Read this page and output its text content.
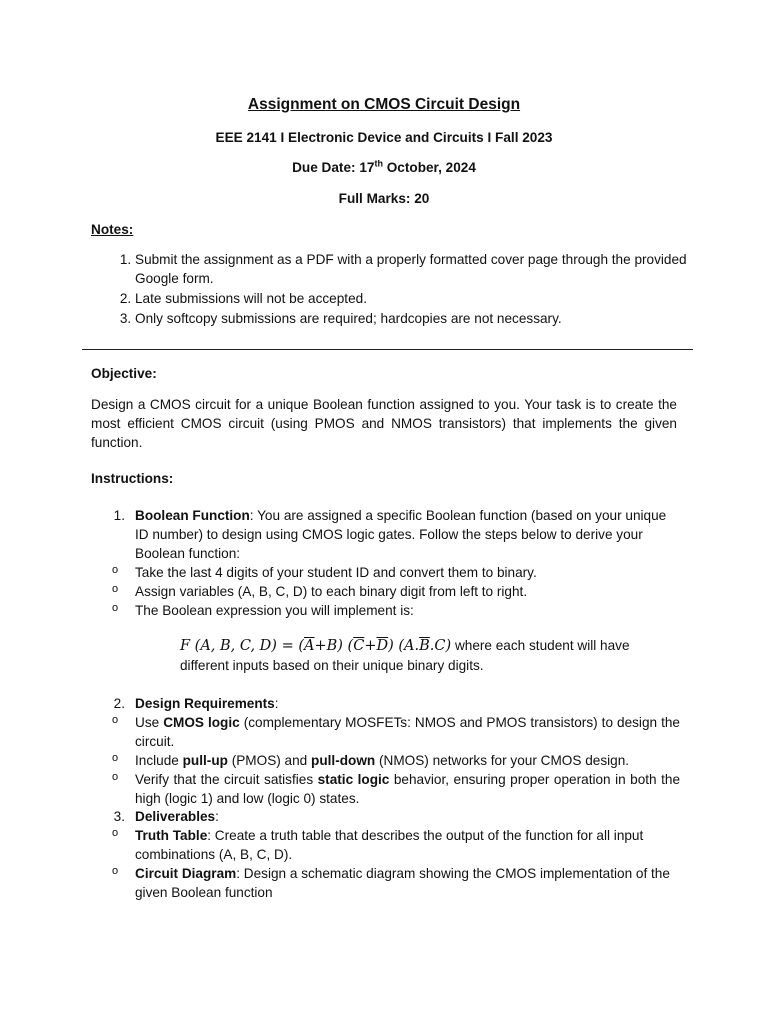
Assignment on CMOS Circuit Design
EEE 2141 I Electronic Device and Circuits I Fall 2023
Due Date: 17th October, 2024
Full Marks: 20
Notes:
1. Submit the assignment as a PDF with a properly formatted cover page through the provided Google form.
2. Late submissions will not be accepted.
3. Only softcopy submissions are required; hardcopies are not necessary.
Objective:
Design a CMOS circuit for a unique Boolean function assigned to you. Your task is to create the most efficient CMOS circuit (using PMOS and NMOS transistors) that implements the given function.
Instructions:
1. Boolean Function: You are assigned a specific Boolean function (based on your unique ID number) to design using CMOS logic gates. Follow the steps below to derive your Boolean function:
o Take the last 4 digits of your student ID and convert them to binary.
o Assign variables (A, B, C, D) to each binary digit from left to right.
o The Boolean expression you will implement is:
F (A, B, C, $D) = (\overline{A}+B)$ $(\overline{C}+\overline{D})$ $(A.\overline{B}.C)$ where each student will have different inputs based on their unique binary digits.
2. Design Requirements:
o Use CMOS logic (complementary MOSFETs: NMOS and PMOS transistors) to design the circuit.
o Include pull-up (PMOS) and pull-down (NMOS) networks for your CMOS design.
o Verify that the circuit satisfies static logic behavior, ensuring proper operation in both the high (logic 1) and low (logic 0) states.
3. Deliverables:
o Truth Table: Create a truth table that describes the output of the function for all input combinations (A, B, C, D).
o Circuit Diagram: Design a schematic diagram showing the CMOS implementation of the given Boolean function
